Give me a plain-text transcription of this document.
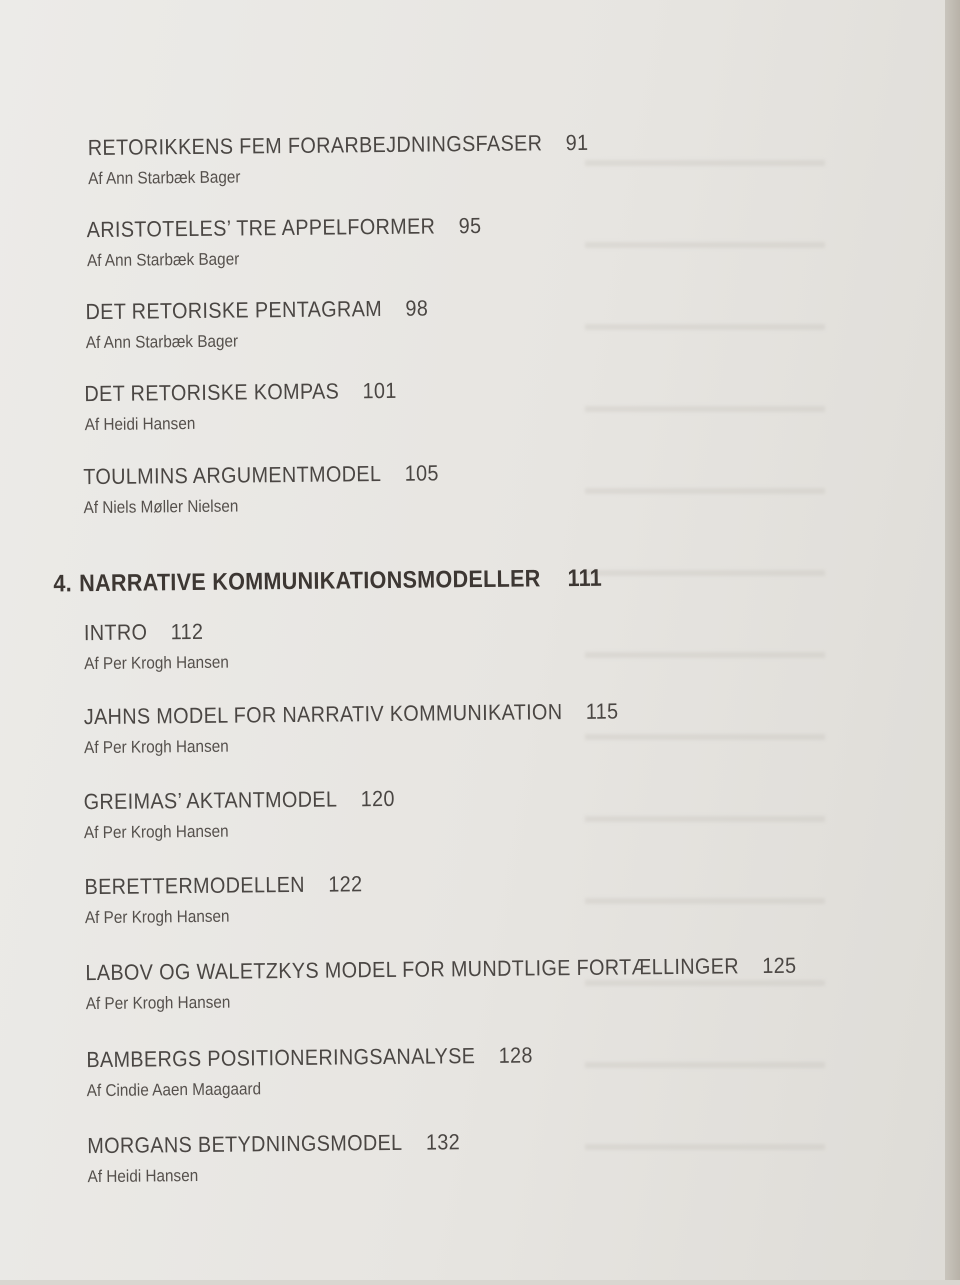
RETORIKKENS FEM FORARBEJDNINGSFASER 91
Af Ann Starbæk Bager
ARISTOTELES’ TRE APPELFORMER 95
Af Ann Starbæk Bager
DET RETORISKE PENTAGRAM 98
Af Ann Starbæk Bager
DET RETORISKE KOMPAS 101
Af Heidi Hansen
TOULMINS ARGUMENTMODEL 105
Af Niels Møller Nielsen
4. NARRATIVE KOMMUNIKATIONSMODELLER 111
INTRO 112
Af Per Krogh Hansen
JAHNS MODEL FOR NARRATIV KOMMUNIKATION 115
Af Per Krogh Hansen
GREIMAS’ AKTANTMODEL 120
Af Per Krogh Hansen
BERETTERMODELLEN 122
Af Per Krogh Hansen
LABOV OG WALETZKYS MODEL FOR MUNDTLIGE FORTÆLLINGER 125
Af Per Krogh Hansen
BAMBERGS POSITIONERINGSANALYSE 128
Af Cindie Aaen Maagaard
MORGANS BETYDNINGSMODEL 132
Af Heidi Hansen
